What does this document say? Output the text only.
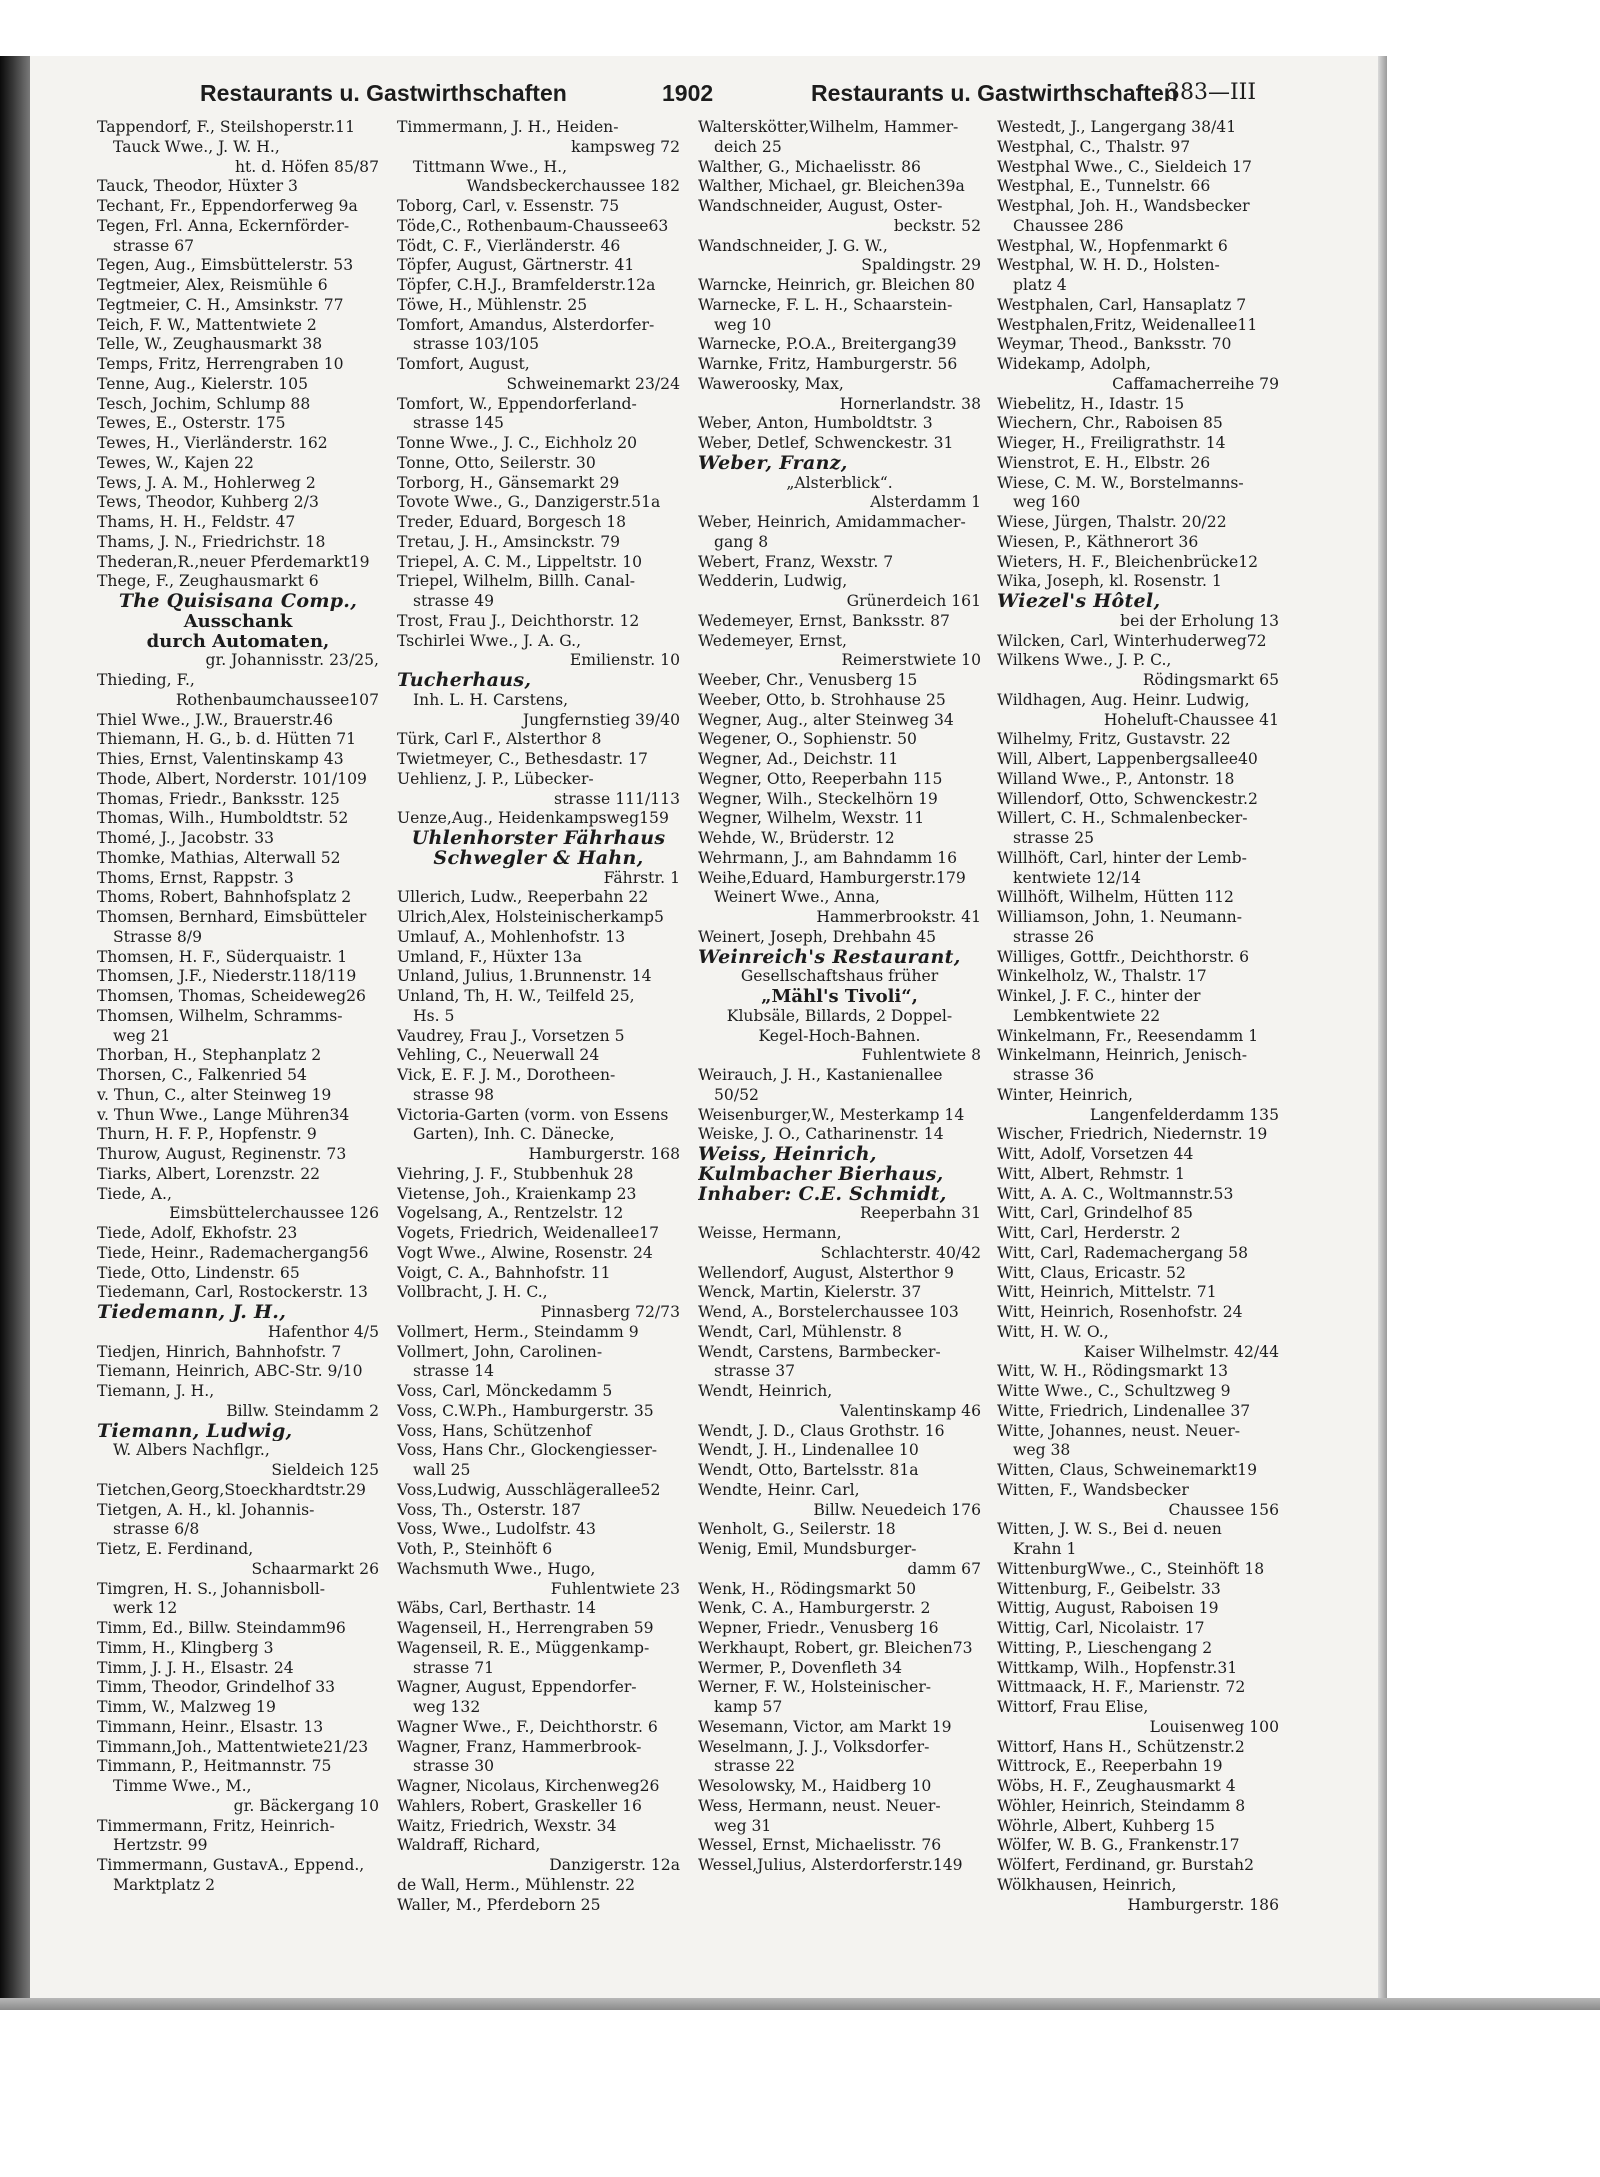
Restaurants u. Gastwirthschaften	1902	Restaurants u. Gastwirthschaften
383—III
Tappendorf, F., Steilshoperstr.11
Tauck Wwe., J. W. H.,
ht. d. Höfen 85/87
Tauck, Theodor, Hüxter 3
Techant, Fr., Eppendorferweg 9a
Tegen, Frl. Anna, Eckernförder-
strasse 67
Tegen, Aug., Eimsbüttelerstr. 53
Tegtmeier, Alex, Reismühle 6
Tegtmeier, C. H., Amsinkstr. 77
Teich, F. W., Mattentwiete 2
Telle, W., Zeughausmarkt 38
Temps, Fritz, Herrengraben 10
Tenne, Aug., Kielerstr. 105
Tesch, Jochim, Schlump 88
Tewes, E., Osterstr. 175
Tewes, H., Vierländerstr. 162
Tewes, W., Kajen 22
Tews, J. A. M., Hohlerweg 2
Tews, Theodor, Kuhberg 2/3
Thams, H. H., Feldstr. 47
Thams, J. N., Friedrichstr. 18
Thederan,R.,neuer Pferdemarkt19
Thege, F., Zeughausmarkt 6
The Quisisana Comp.,
Ausschank
durch Automaten,
gr. Johannisstr. 23/25,
Thieding, F.,
Rothenbaumchaussee107
Thiel Wwe., J.W., Brauerstr.46
Thiemann, H. G., b. d. Hütten 71
Thies, Ernst, Valentinskamp 43
Thode, Albert, Norderstr. 101/109
Thomas, Friedr., Banksstr. 125
Thomas, Wilh., Humboldtstr. 52
Thomé, J., Jacobstr. 33
Thomke, Mathias, Alterwall 52
Thoms, Ernst, Rappstr. 3
Thoms, Robert, Bahnhofsplatz 2
Thomsen, Bernhard, Eimsbütteler
Strasse 8/9
Thomsen, H. F., Süderquaistr. 1
Thomsen, J.F., Niederstr.118/119
Thomsen, Thomas, Scheideweg26
Thomsen, Wilhelm, Schramms-
weg 21
Thorban, H., Stephanplatz 2
Thorsen, C., Falkenried 54
v. Thun, C., alter Steinweg 19
v. Thun Wwe., Lange Mühren34
Thurn, H. F. P., Hopfenstr. 9
Thurow, August, Reginenstr. 73
Tiarks, Albert, Lorenzstr. 22
Tiede, A.,
Eimsbüttelerchaussee 126
Tiede, Adolf, Ekhofstr. 23
Tiede, Heinr., Rademachergang56
Tiede, Otto, Lindenstr. 65
Tiedemann, Carl, Rostockerstr. 13
Tiedemann, J. H.,
Hafenthor 4/5
Tiedjen, Hinrich, Bahnhofstr. 7
Tiemann, Heinrich, ABC-Str. 9/10
Tiemann, J. H.,
Billw. Steindamm 2
Tiemann, Ludwig,
W. Albers Nachflgr.,
Sieldeich 125
Tietchen,Georg,Stoeckhardtstr.29
Tietgen, A. H., kl. Johannis-
strasse 6/8
Tietz, E. Ferdinand,
Schaarmarkt 26
Timgren, H. S., Johannisboll-
werk 12
Timm, Ed., Billw. Steindamm96
Timm, H., Klingberg 3
Timm, J. J. H., Elsastr. 24
Timm, Theodor, Grindelhof 33
Timm, W., Malzweg 19
Timmann, Heinr., Elsastr. 13
Timmann,Joh., Mattentwiete21/23
Timmann, P., Heitmannstr. 75
Timme Wwe., M.,
gr. Bäckergang 10
Timmermann, Fritz, Heinrich-
Hertzstr. 99
Timmermann, GustavA., Eppend.,
Marktplatz 2
Timmermann, J. H., Heiden-
kampsweg 72
Tittmann Wwe., H.,
Wandsbeckerchaussee 182
Toborg, Carl, v. Essenstr. 75
Töde,C., Rothenbaum-Chaussee63
Tödt, C. F., Vierländerstr. 46
Töpfer, August, Gärtnerstr. 41
Töpfer, C.H.J., Bramfelderstr.12a
Töwe, H., Mühlenstr. 25
Tomfort, Amandus, Alsterdorfer-
strasse 103/105
Tomfort, August,
Schweinemarkt 23/24
Tomfort, W., Eppendorferland-
strasse 145
Tonne Wwe., J. C., Eichholz 20
Tonne, Otto, Seilerstr. 30
Torborg, H., Gänsemarkt 29
Tovote Wwe., G., Danzigerstr.51a
Treder, Eduard, Borgesch 18
Tretau, J. H., Amsinckstr. 79
Triepel, A. C. M., Lippeltstr. 10
Triepel, Wilhelm, Billh. Canal-
strasse 49
Trost, Frau J., Deichthorstr. 12
Tschirlei Wwe., J. A. G.,
Emilienstr. 10
Tucherhaus,
Inh. L. H. Carstens,
Jungfernstieg 39/40
Türk, Carl F., Alsterthor 8
Twietmeyer, C., Bethesdastr. 17
Uehlienz, J. P., Lübecker-
strasse 111/113
Uenze,Aug., Heidenkampsweg159
Uhlenhorster Fährhaus
Schwegler & Hahn,
Fährstr. 1
Ullerich, Ludw., Reeperbahn 22
Ulrich,Alex, Holsteinischerkamp5
Umlauf, A., Mohlenhofstr. 13
Umland, F., Hüxter 13a
Unland, Julius, 1.Brunnenstr. 14
Unland, Th, H. W., Teilfeld 25,
Hs. 5
Vaudrey, Frau J., Vorsetzen 5
Vehling, C., Neuerwall 24
Vick, E. F. J. M., Dorotheen-
strasse 98
Victoria-Garten (vorm. von Essens
Garten), Inh. C. Dänecke,
Hamburgerstr. 168
Viehring, J. F., Stubbenhuk 28
Vietense, Joh., Kraienkamp 23
Vogelsang, A., Rentzelstr. 12
Vogets, Friedrich, Weidenallee17
Vogt Wwe., Alwine, Rosenstr. 24
Voigt, C. A., Bahnhofstr. 11
Vollbracht, J. H. C.,
Pinnasberg 72/73
Vollmert, Herm., Steindamm 9
Vollmert, John, Carolinen-
strasse 14
Voss, Carl, Mönckedamm 5
Voss, C.W.Ph., Hamburgerstr. 35
Voss, Hans, Schützenhof
Voss, Hans Chr., Glockengiesser-
wall 25
Voss,Ludwig, Ausschlägerallee52
Voss, Th., Osterstr. 187
Voss, Wwe., Ludolfstr. 43
Voth, P., Steinhöft 6
Wachsmuth Wwe., Hugo,
Fuhlentwiete 23
Wäbs, Carl, Berthastr. 14
Wagenseil, H., Herrengraben 59
Wagenseil, R. E., Müggenkamp-
strasse 71
Wagner, August, Eppendorfer-
weg 132
Wagner Wwe., F., Deichthorstr. 6
Wagner, Franz, Hammerbrook-
strasse 30
Wagner, Nicolaus, Kirchenweg26
Wahlers, Robert, Graskeller 16
Waitz, Friedrich, Wexstr. 34
Waldraff, Richard,
Danzigerstr. 12a
de Wall, Herm., Mühlenstr. 22
Waller, M., Pferdeborn 25
Walterskötter,Wilhelm, Hammer-
deich 25
Walther, G., Michaelisstr. 86
Walther, Michael, gr. Bleichen39a
Wandschneider, August, Oster-
beckstr. 52
Wandschneider, J. G. W.,
Spaldingstr. 29
Warncke, Heinrich, gr. Bleichen 80
Warnecke, F. L. H., Schaarstein-
weg 10
Warnecke, P.O.A., Breitergang39
Warnke, Fritz, Hamburgerstr. 56
Waweroosky, Max,
Hornerlandstr. 38
Weber, Anton, Humboldtstr. 3
Weber, Detlef, Schwenckestr. 31
Weber, Franz,
„Alsterblick“.
Alsterdamm 1
Weber, Heinrich, Amidammacher-
gang 8
Webert, Franz, Wexstr. 7
Wedderin, Ludwig,
Grünerdeich 161
Wedemeyer, Ernst, Banksstr. 87
Wedemeyer, Ernst,
Reimerstwiete 10
Weeber, Chr., Venusberg 15
Weeber, Otto, b. Strohhause 25
Wegner, Aug., alter Steinweg 34
Wegener, O., Sophienstr. 50
Wegner, Ad., Deichstr. 11
Wegner, Otto, Reeperbahn 115
Wegner, Wilh., Steckelhörn 19
Wegner, Wilhelm, Wexstr. 11
Wehde, W., Brüderstr. 12
Wehrmann, J., am Bahndamm 16
Weihe,Eduard, Hamburgerstr.179
Weinert Wwe., Anna,
Hammerbrookstr. 41
Weinert, Joseph, Drehbahn 45
Weinreich's Restaurant,
Gesellschaftshaus früher
„Mähl's Tivoli“,
Klubsäle, Billards, 2 Doppel-
Kegel-Hoch-Bahnen.
Fuhlentwiete 8
Weirauch, J. H., Kastanienallee
50/52
Weisenburger,W., Mesterkamp 14
Weiske, J. O., Catharinenstr. 14
Weiss, Heinrich,
Kulmbacher Bierhaus,
Inhaber: C.E. Schmidt,
Reeperbahn 31
Weisse, Hermann,
Schlachterstr. 40/42
Wellendorf, August, Alsterthor 9
Wenck, Martin, Kielerstr. 37
Wend, A., Borstelerchaussee 103
Wendt, Carl, Mühlenstr. 8
Wendt, Carstens, Barmbecker-
strasse 37
Wendt, Heinrich,
Valentinskamp 46
Wendt, J. D., Claus Grothstr. 16
Wendt, J. H., Lindenallee 10
Wendt, Otto, Bartelsstr. 81a
Wendte, Heinr. Carl,
Billw. Neuedeich 176
Wenholt, G., Seilerstr. 18
Wenig, Emil, Mundsburger-
damm 67
Wenk, H., Rödingsmarkt 50
Wenk, C. A., Hamburgerstr. 2
Wepner, Friedr., Venusberg 16
Werkhaupt, Robert, gr. Bleichen73
Wermer, P., Dovenfleth 34
Werner, F. W., Holsteinischer-
kamp 57
Wesemann, Victor, am Markt 19
Weselmann, J. J., Volksdorfer-
strasse 22
Wesolowsky, M., Haidberg 10
Wess, Hermann, neust. Neuer-
weg 31
Wessel, Ernst, Michaelisstr. 76
Wessel,Julius, Alsterdorferstr.149
Westedt, J., Langergang 38/41
Westphal, C., Thalstr. 97
Westphal Wwe., C., Sieldeich 17
Westphal, E., Tunnelstr. 66
Westphal, Joh. H., Wandsbecker
Chaussee 286
Westphal, W., Hopfenmarkt 6
Westphal, W. H. D., Holsten-
platz 4
Westphalen, Carl, Hansaplatz 7
Westphalen,Fritz, Weidenallee11
Weymar, Theod., Banksstr. 70
Widekamp, Adolph,
Caffamacherreihe 79
Wiebelitz, H., Idastr. 15
Wiechern, Chr., Raboisen 85
Wieger, H., Freiligrathstr. 14
Wienstrot, E. H., Elbstr. 26
Wiese, C. M. W., Borstelmanns-
weg 160
Wiese, Jürgen, Thalstr. 20/22
Wiesen, P., Käthnerort 36
Wieters, H. F., Bleichenbrücke12
Wika, Joseph, kl. Rosenstr. 1
Wiezel's Hôtel,
bei der Erholung 13
Wilcken, Carl, Winterhuderweg72
Wilkens Wwe., J. P. C.,
Rödingsmarkt 65
Wildhagen, Aug. Heinr. Ludwig,
Hoheluft-Chaussee 41
Wilhelmy, Fritz, Gustavstr. 22
Will, Albert, Lappenbergsallee40
Willand Wwe., P., Antonstr. 18
Willendorf, Otto, Schwenckestr.2
Willert, C. H., Schmalenbecker-
strasse 25
Willhöft, Carl, hinter der Lemb-
kentwiete 12/14
Willhöft, Wilhelm, Hütten 112
Williamson, John, 1. Neumann-
strasse 26
Williges, Gottfr., Deichthorstr. 6
Winkelholz, W., Thalstr. 17
Winkel, J. F. C., hinter der
Lembkentwiete 22
Winkelmann, Fr., Reesendamm 1
Winkelmann, Heinrich, Jenisch-
strasse 36
Winter, Heinrich,
Langenfelderdamm 135
Wischer, Friedrich, Niedernstr. 19
Witt, Adolf, Vorsetzen 44
Witt, Albert, Rehmstr. 1
Witt, A. A. C., Woltmannstr.53
Witt, Carl, Grindelhof 85
Witt, Carl, Herderstr. 2
Witt, Carl, Rademachergang 58
Witt, Claus, Ericastr. 52
Witt, Heinrich, Mittelstr. 71
Witt, Heinrich, Rosenhofstr. 24
Witt, H. W. O.,
Kaiser Wilhelmstr. 42/44
Witt, W. H., Rödingsmarkt 13
Witte Wwe., C., Schultzweg 9
Witte, Friedrich, Lindenallee 37
Witte, Johannes, neust. Neuer-
weg 38
Witten, Claus, Schweinemarkt19
Witten, F., Wandsbecker
Chaussee 156
Witten, J. W. S., Bei d. neuen
Krahn 1
WittenburgWwe., C., Steinhöft 18
Wittenburg, F., Geibelstr. 33
Wittig, August, Raboisen 19
Wittig, Carl, Nicolaistr. 17
Witting, P., Lieschengang 2
Wittkamp, Wilh., Hopfenstr.31
Wittmaack, H. F., Marienstr. 72
Wittorf, Frau Elise,
Louisenweg 100
Wittorf, Hans H., Schützenstr.2
Wittrock, E., Reeperbahn 19
Wöbs, H. F., Zeughausmarkt 4
Wöhler, Heinrich, Steindamm 8
Wöhrle, Albert, Kuhberg 15
Wölfer, W. B. G., Frankenstr.17
Wölfert, Ferdinand, gr. Burstah2
Wölkhausen, Heinrich,
Hamburgerstr. 186
